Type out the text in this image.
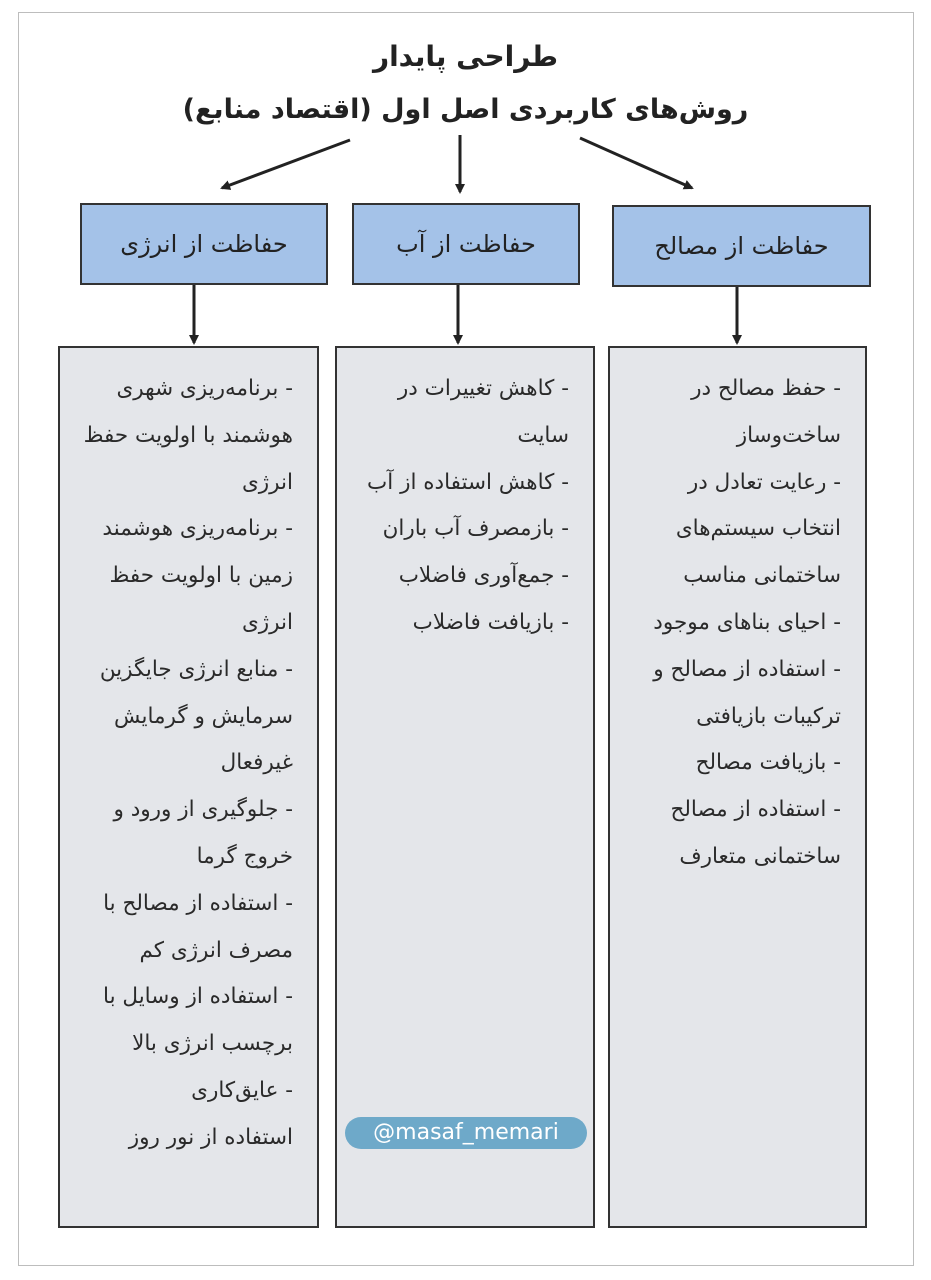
طراحی پایدار
روش‌های کاربردی اصل اول (اقتصاد منابع)
حفاظت از مصالح
حفاظت از آب
حفاظت از انرژی
- حفظ مصالح در ساخت‌وساز
- رعایت تعادل در انتخاب سیستم‌های ساختمانی مناسب
- احیای بناهای موجود
- استفاده از مصالح و ترکیبات بازیافتی
- بازیافت مصالح
- استفاده از مصالح ساختمانی متعارف
- کاهش تغییرات در سایت
- کاهش استفاده از آب
- بازمصرف آب باران
- جمع‌آوری فاضلاب
- بازیافت فاضلاب
- برنامه‌ریزی شهری هوشمند با اولویت حفظ انرژی
- برنامه‌ریزی هوشمند زمین با اولویت حفظ انرژی
- منابع انرژی جایگزین سرمایش و گرمایش غیرفعال
- جلوگیری از ورود و خروج گرما
- استفاده از مصالح با مصرف انرژی کم
- استفاده از وسایل با برچسب انرژی بالا
- عایق‌کاری
استفاده از نور روز	@masaf_memari
